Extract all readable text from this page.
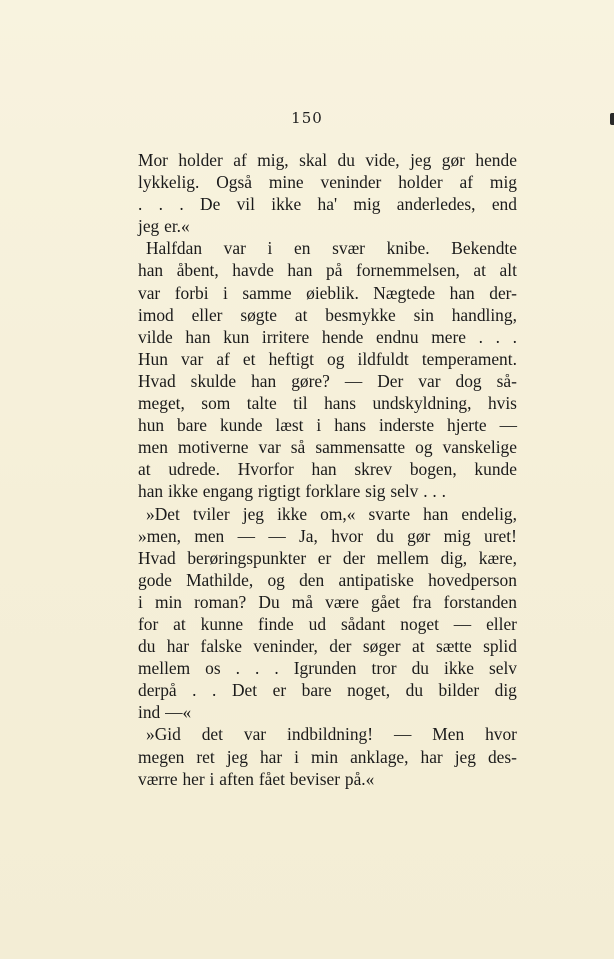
150
Mor holder af mig, skal du vide, jeg gør hende
lykkelig. Også mine veninder holder af mig
. . . De vil ikke ha' mig anderledes, end
jeg er.«
Halfdan var i en svær knibe. Bekendte
han åbent, havde han på fornemmelsen, at alt
var forbi i samme øieblik. Nægtede han der-
imod eller søgte at besmykke sin handling,
vilde han kun irritere hende endnu mere . . .
Hun var af et heftigt og ildfuldt temperament.
Hvad skulde han gøre? — Der var dog så-
meget, som talte til hans undskyldning, hvis
hun bare kunde læst i hans inderste hjerte —
men motiverne var så sammensatte og vanskelige
at udrede. Hvorfor han skrev bogen, kunde
han ikke engang rigtigt forklare sig selv . . .
»Det tviler jeg ikke om,« svarte han endelig,
»men, men — — Ja, hvor du gør mig uret!
Hvad berøringspunkter er der mellem dig, kære,
gode Mathilde, og den antipatiske hovedperson
i min roman? Du må være gået fra forstanden
for at kunne finde ud sådant noget — eller
du har falske veninder, der søger at sætte splid
mellem os . . . Igrunden tror du ikke selv
derpå . . Det er bare noget, du bilder dig
ind —«
»Gid det var indbildning! — Men hvor
megen ret jeg har i min anklage, har jeg des-
værre her i aften fået beviser på.«
